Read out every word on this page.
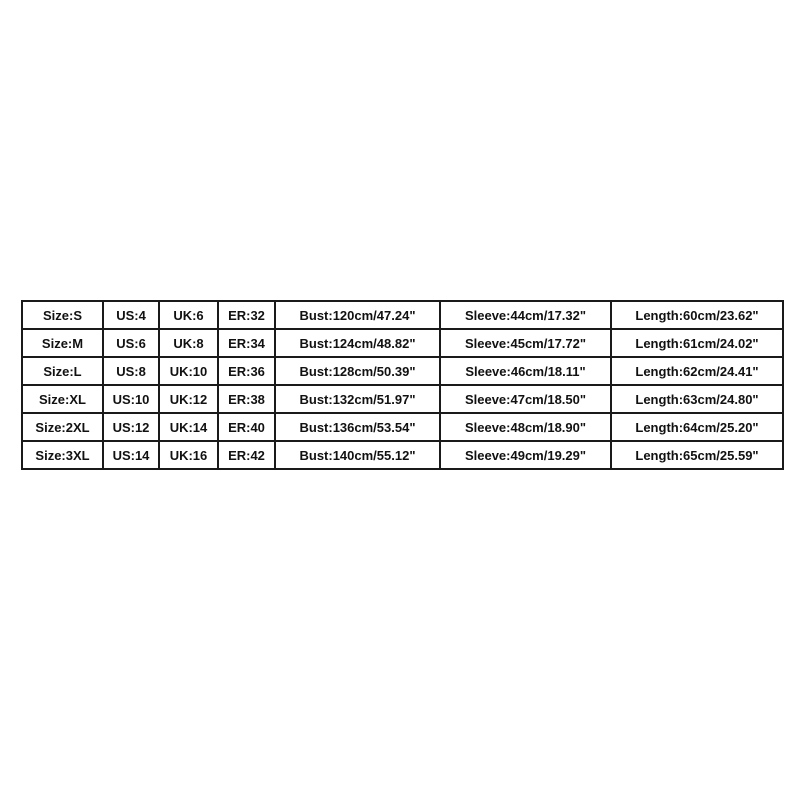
Size:S	US:4	UK:6	ER:32	Bust:120cm/47.24"	Sleeve:44cm/17.32"	Length:60cm/23.62"
Size:M	US:6	UK:8	ER:34	Bust:124cm/48.82"	Sleeve:45cm/17.72"	Length:61cm/24.02"
Size:L	US:8	UK:10	ER:36	Bust:128cm/50.39"	Sleeve:46cm/18.11"	Length:62cm/24.41"
Size:XL	US:10	UK:12	ER:38	Bust:132cm/51.97"	Sleeve:47cm/18.50"	Length:63cm/24.80"
Size:2XL	US:12	UK:14	ER:40	Bust:136cm/53.54"	Sleeve:48cm/18.90"	Length:64cm/25.20"
Size:3XL	US:14	UK:16	ER:42	Bust:140cm/55.12"	Sleeve:49cm/19.29"	Length:65cm/25.59"
